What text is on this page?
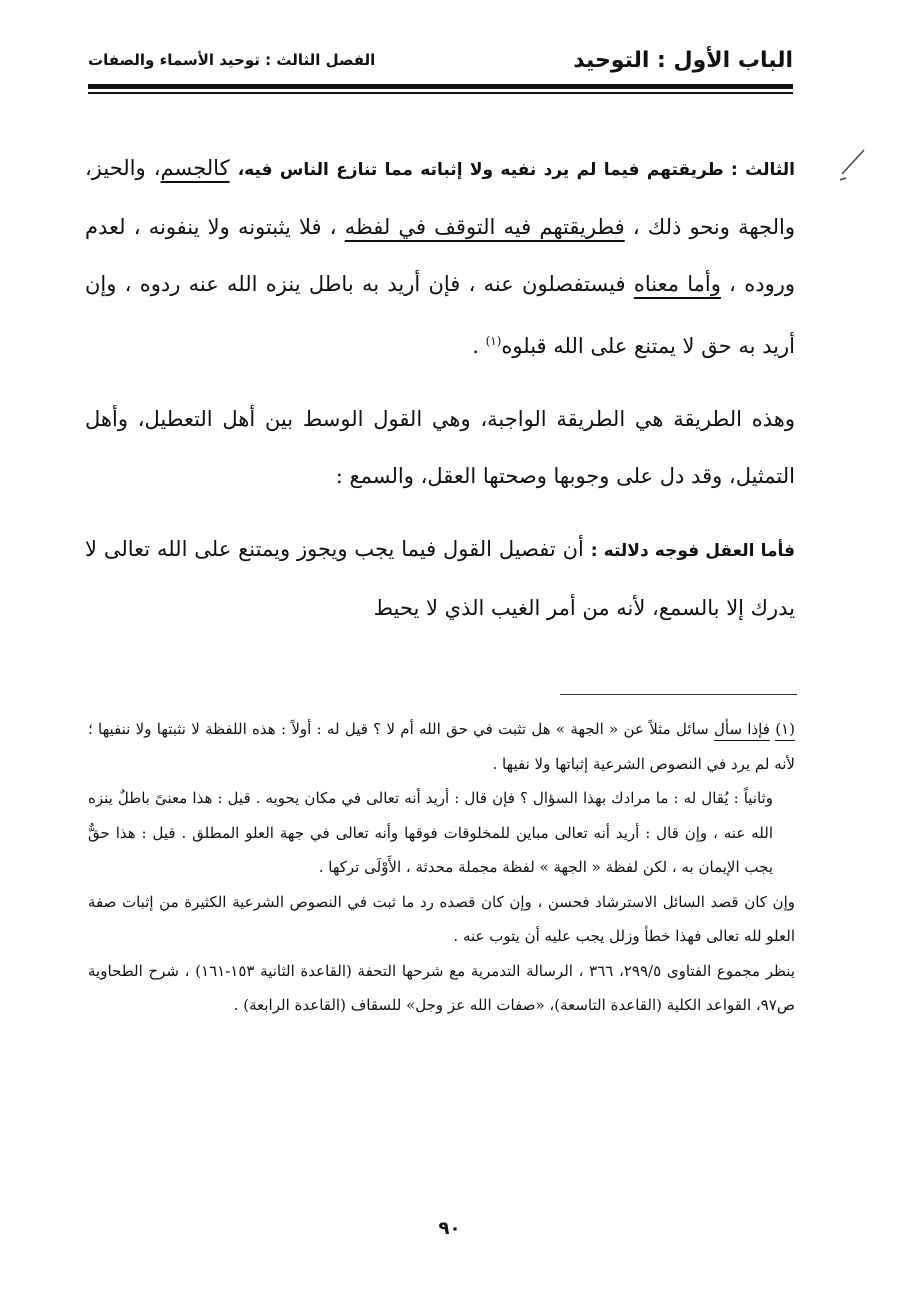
الباب الأول : التوحيد
الفصل الثالث : توحيد الأسماء والصفات

الثالث : طريقتهم فيما لم يرد نفيه ولا إثباته مما تنازع الناس فيه، كالجسم، والحيز، والجهة ونحو ذلك ، فطريقتهم فيه التوقف في لفظه ، فلا يثبتونه ولا ينفونه ، لعدم وروده ، وأما معناه فيستفصلون عنه ، فإن أريد به باطل ينزه الله عنه ردوه ، وإن أريد به حق لا يمتنع على الله قبلوه$^{(١)}$ .

وهذه الطريقة هي الطريقة الواجبة، وهي القول الوسط بين أهل التعطيل، وأهل التمثيل، وقد دل على وجوبها وصحتها العقل، والسمع :

فأما العقل فوجه دلالته : أن تفصيل القول فيما يجب ويجوز ويمتنع على الله تعالى لا يدرك إلا بالسمع، لأنه من أمر الغيب الذي لا يحيط

(١) فإذا سأل سائل مثلاً عن « الجهة » هل تثبت في حق الله أم لا ؟ قيل له : أولاً : هذه اللفظة لا نثبتها ولا ننفيها ؛ لأنه لم يرد في النصوص الشرعية إثباتها ولا نفيها .

وثانياً : يُقال له : ما مرادك بهذا السؤال ؟ فإن قال : أريد أنه تعالى في مكان يحويه . قيل : هذا معنىً باطلٌ ينزه الله عنه ، وإن قال : أريد أنه تعالى مباين للمخلوقات فوقها وأنه تعالى في جهة العلو المطلق . قيل : هذا حقٌّ يجب الإيمان به ، لكن لفظة « الجهة » لفظة مجملة محدثة ، الأَوْلَى تركها .

وإن كان قصد السائل الاسترشاد فحسن ، وإن كان قصده رد ما ثبت في النصوص الشرعية الكثيرة من إثبات صفة العلو لله تعالى فهذا خطأ وزلل يجب عليه أن يتوب عنه .

ينظر مجموع الفتاوى ٢٩٩/٥، ٣٦٦ ، الرسالة التدمرية مع شرحها التحفة (القاعدة الثانية ١٥٣-١٦١) ، شرح الطحاوية ص٩٧، القواعد الكلية (القاعدة التاسعة)، «صفات الله عز وجل» للسقاف (القاعدة الرابعة) .

٩٠
